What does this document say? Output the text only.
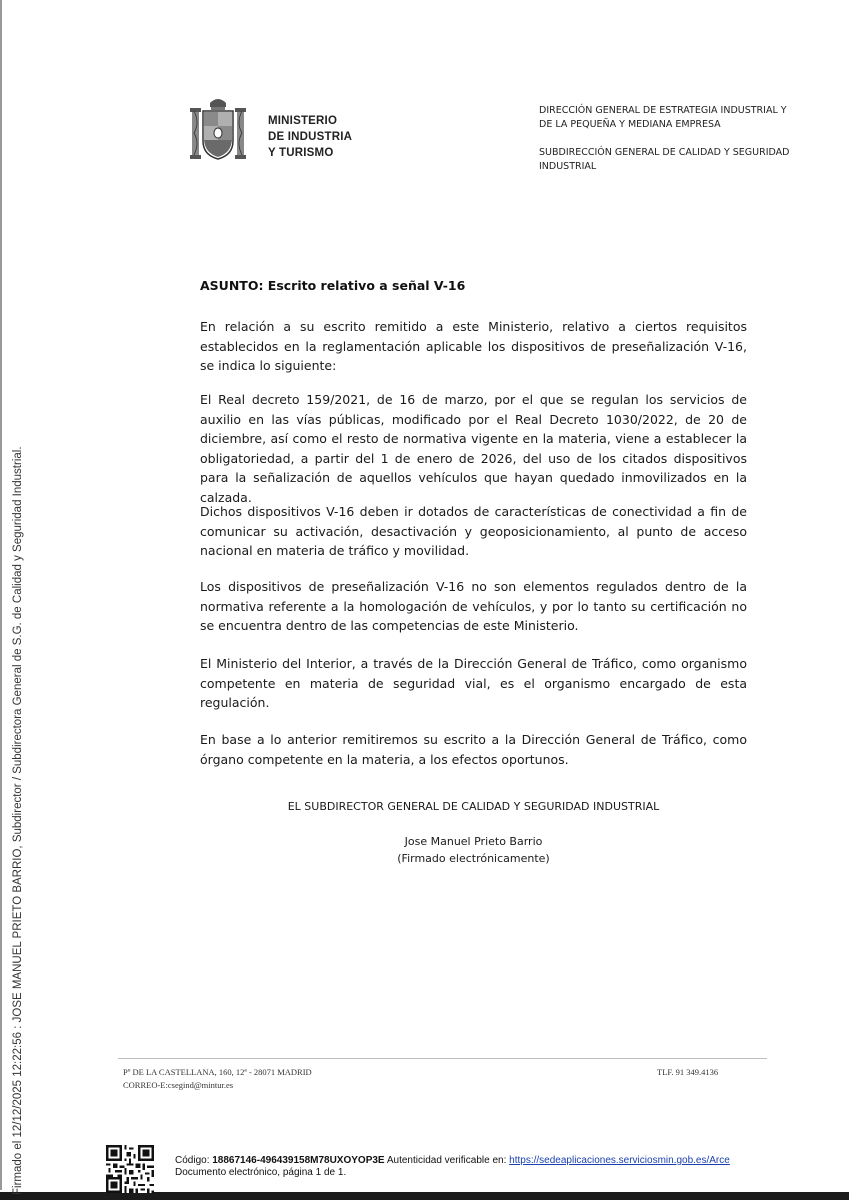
Firmado el 12/12/2025 12:22:56 : JOSE MANUEL PRIETO BARRIO, Subdirector / Subdirectora General de S.G. de Calidad y Seguridad Industrial.
MINISTERIO
DE INDUSTRIA
Y TURISMO
DIRECCIÓN GENERAL DE ESTRATEGIA INDUSTRIAL Y DE LA PEQUEÑA Y MEDIANA EMPRESA
SUBDIRECCIÓN GENERAL DE CALIDAD Y SEGURIDAD INDUSTRIAL
ASUNTO: Escrito relativo a señal V-16
En relación a su escrito remitido a este Ministerio, relativo a ciertos requisitos establecidos en la reglamentación aplicable los dispositivos de preseñalización V-16, se indica lo siguiente:
El Real decreto 159/2021, de 16 de marzo, por el que se regulan los servicios de auxilio en las vías públicas, modificado por el Real Decreto 1030/2022, de 20 de diciembre, así como el resto de normativa vigente en la materia, viene a establecer la obligatoriedad, a partir del 1 de enero de 2026, del uso de los citados dispositivos para la señalización de aquellos vehículos que hayan quedado inmovilizados en la calzada.
Dichos dispositivos V-16 deben ir dotados de características de conectividad a fin de comunicar su activación, desactivación y geoposicionamiento, al punto de acceso nacional en materia de tráfico y movilidad.
Los dispositivos de preseñalización V-16 no son elementos regulados dentro de la normativa referente a la homologación de vehículos, y por lo tanto su certificación no se encuentra dentro de las competencias de este Ministerio.
El Ministerio del Interior, a través de la Dirección General de Tráfico, como organismo competente en materia de seguridad vial, es el organismo encargado de esta regulación.
En base a lo anterior remitiremos su escrito a la Dirección General de Tráfico, como órgano competente en la materia, a los efectos oportunos.
EL SUBDIRECTOR GENERAL DE CALIDAD Y SEGURIDAD INDUSTRIAL
Jose Manuel Prieto Barrio
(Firmado electrónicamente)
Pº DE LA CASTELLANA, 160, 12ª - 28071 MADRID
CORREO-E:csegind@mintur.es
TLF. 91 349.4136
Código: 18867146-496439158M78UXOYOP3E Autenticidad verificable en: https://sedeaplicaciones.serviciosmin.gob.es/Arce
Documento electrónico, página 1 de 1.
